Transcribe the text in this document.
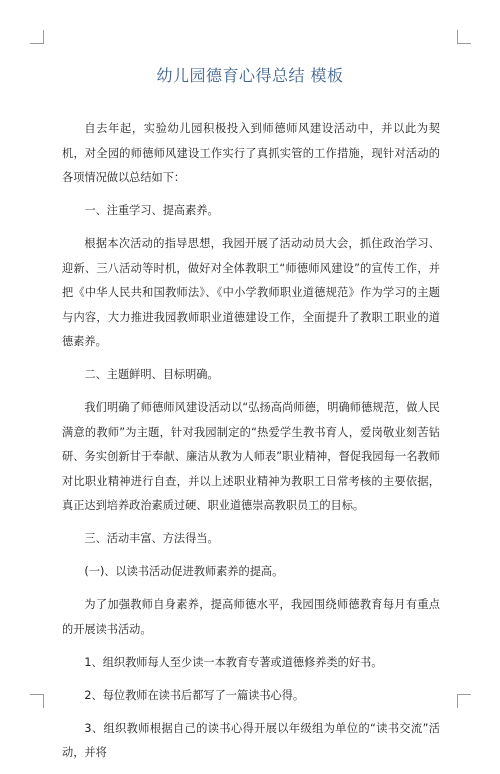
幼儿园德育心得总结 模板

自去年起，实验幼儿园积极投入到师德师风建设活动中，并以此为契机，对全园的师德师风建设工作实行了真抓实管的工作措施，现针对活动的各项情况做以总结如下：

一、注重学习、提高素养。

根据本次活动的指导思想，我园开展了活动动员大会，抓住政治学习、迎新、三八活动等时机，做好对全体教职工“师德师风建设”的宣传工作，并把《中华人民共和国教师法》、《中小学教师职业道德规范》作为学习的主题与内容，大力推进我园教师职业道德建设工作，全面提升了教职工职业的道德素养。

二、主题鲜明、目标明确。

我们明确了师德师风建设活动以“弘扬高尚师德，明确师德规范，做人民满意的教师”为主题，针对我园制定的“热爱学生教书育人，爱岗敬业刻苦钻研、务实创新甘于奉献、廉洁从教为人师表”职业精神，督促我园每一名教师对比职业精神进行自查，并以上述职业精神为教职工日常考核的主要依据，真正达到培养政治素质过硬、职业道德崇高教职员工的目标。

三、活动丰富、方法得当。

(一)、以读书活动促进教师素养的提高。

为了加强教师自身素养，提高师德水平，我园围绕师德教育每月有重点的开展读书活动。

1、组织教师每人至少读一本教育专著或道德修养类的好书。

2、每位教师在读书后都写了一篇读书心得。

3、组织教师根据自己的读书心得开展以年级组为单位的“读书交流”活动，并将
